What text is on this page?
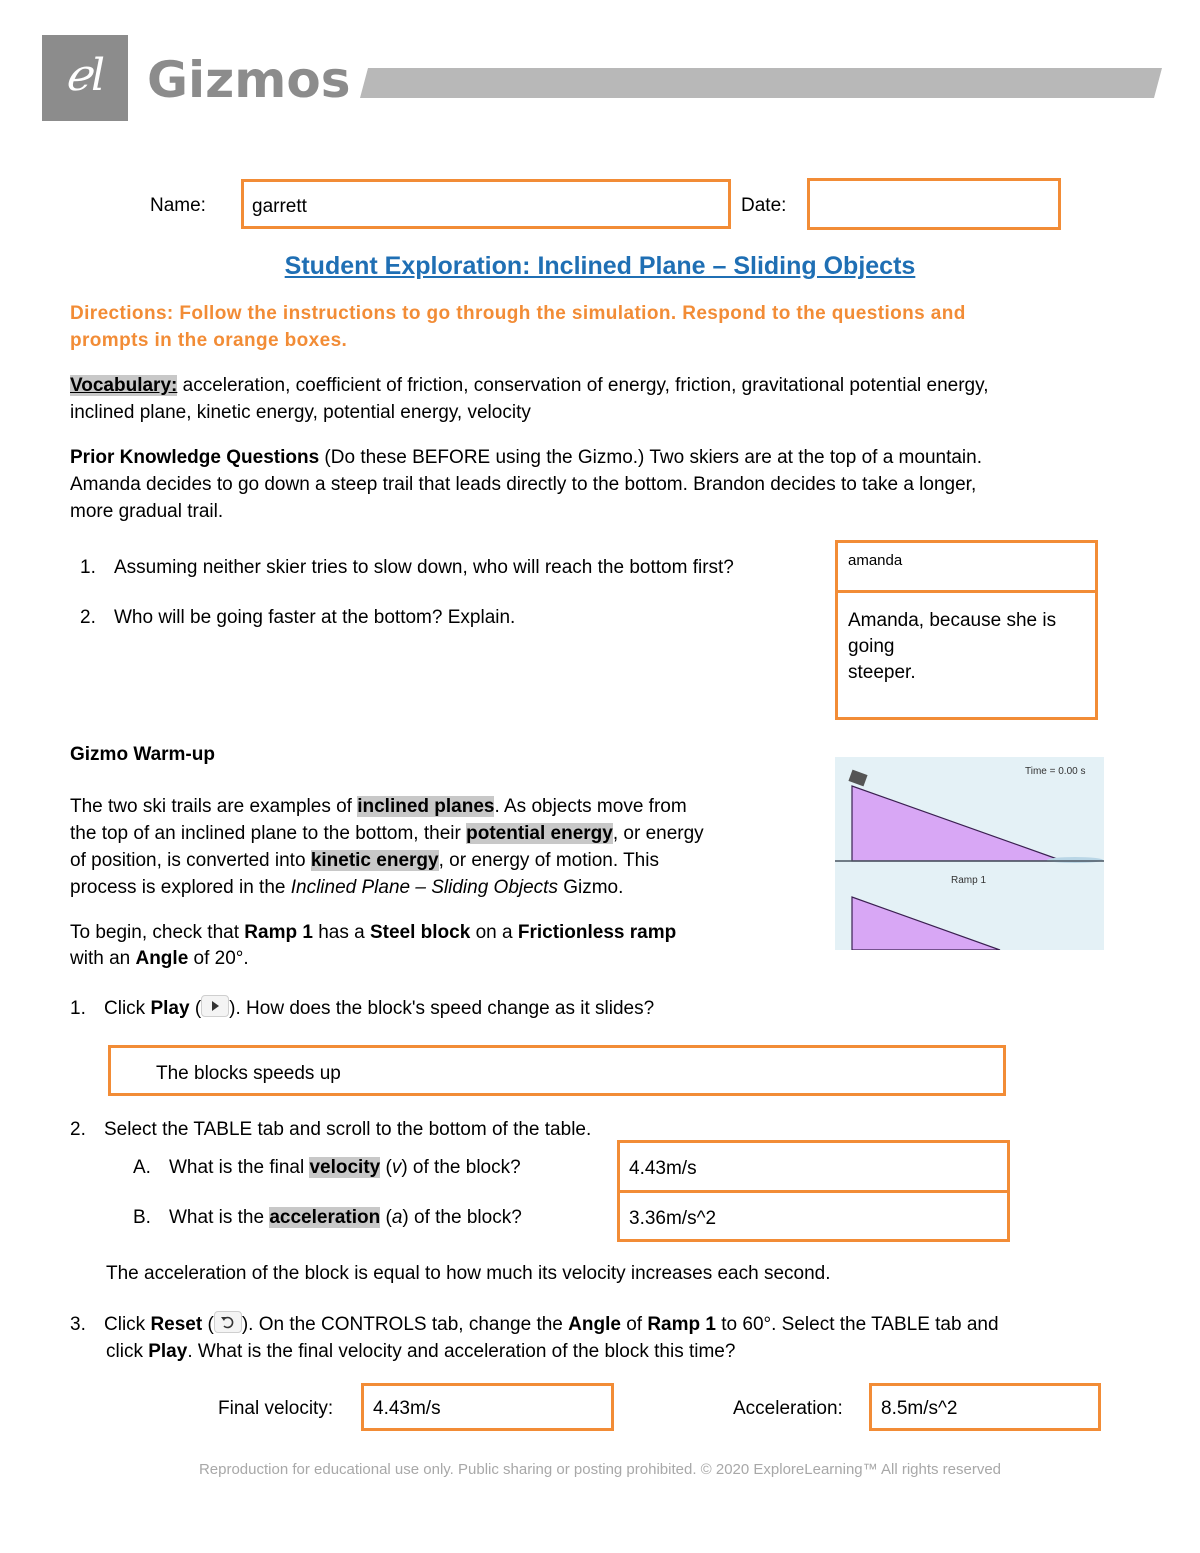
ℯl Gizmos
Name: garrett	Date:
Student Exploration: Inclined Plane – Sliding Objects
Directions: Follow the instructions to go through the simulation. Respond to the questions and
prompts in the orange boxes.
Vocabulary: acceleration, coefficient of friction, conservation of energy, friction, gravitational potential energy,
inclined plane, kinetic energy, potential energy, velocity
Prior Knowledge Questions (Do these BEFORE using the Gizmo.) Two skiers are at the top of a mountain.
Amanda decides to go down a steep trail that leads directly to the bottom. Brandon decides to take a longer,
more gradual trail.
1. Assuming neither skier tries to slow down, who will reach the bottom first?	amanda
2. Who will be going faster at the bottom? Explain.	Amanda, because she is
going
steeper.
Gizmo Warm-up
The two ski trails are examples of inclined planes. As objects move from
the top of an inclined plane to the bottom, their potential energy, or energy
of position, is converted into kinetic energy, or energy of motion. This
process is explored in the Inclined Plane – Sliding Objects Gizmo.
To begin, check that Ramp 1 has a Steel block on a Frictionless ramp
with an Angle of 20°.
Time = 0.00 s
Ramp 1
1. Click Play ( ). How does the block's speed change as it slides?
The blocks speeds up
2. Select the TABLE tab and scroll to the bottom of the table.
A. What is the final velocity (v) of the block?	4.43m/s
B. What is the acceleration (a) of the block?	3.36m/s^2
The acceleration of the block is equal to how much its velocity increases each second.
3. Click Reset ( ). On the CONTROLS tab, change the Angle of Ramp 1 to 60°. Select the TABLE tab and
click Play. What is the final velocity and acceleration of the block this time?
Final velocity: 4.43m/s	Acceleration: 8.5m/s^2
Reproduction for educational use only. Public sharing or posting prohibited. © 2020 ExploreLearning™ All rights reserved
